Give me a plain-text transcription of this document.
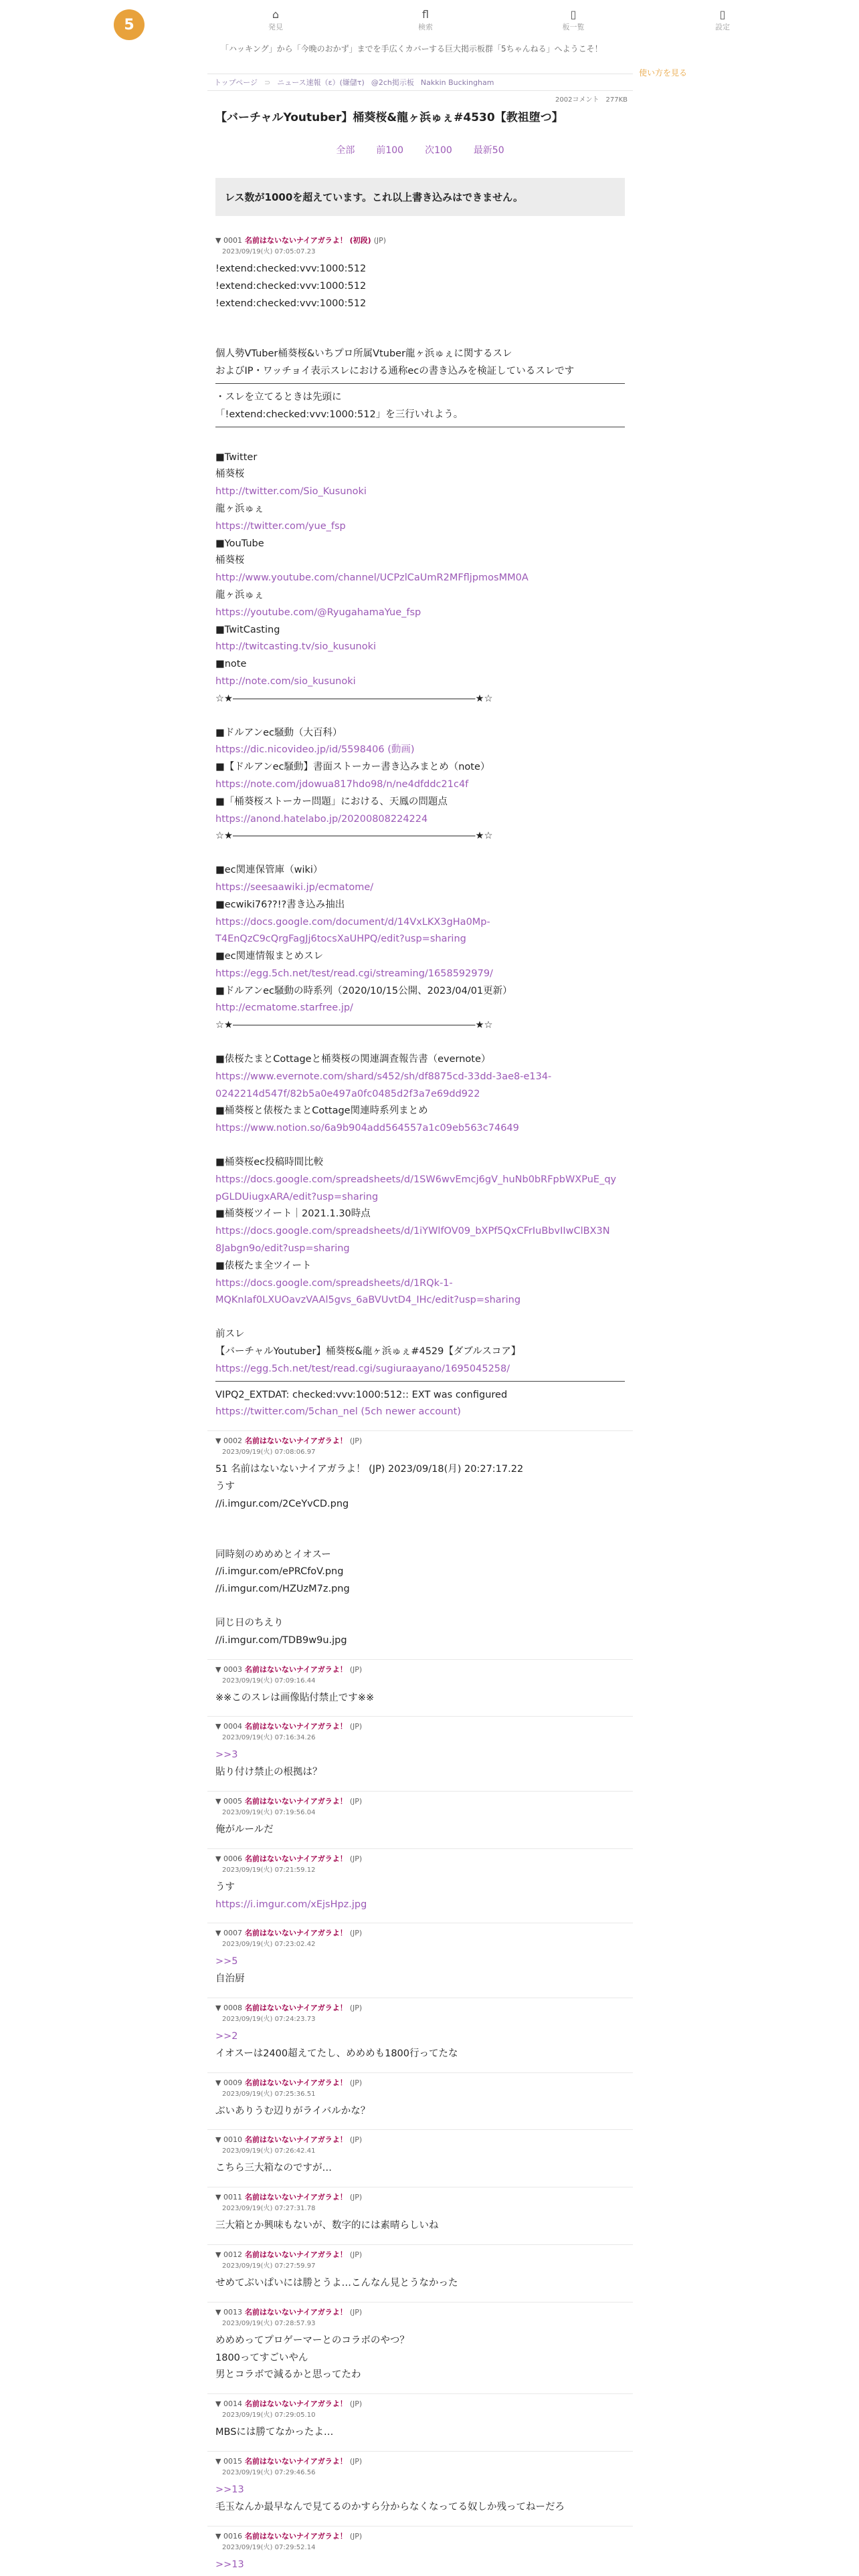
5
⌂
発見
fl
検索
▯
板一覧
▯
設定
「ハッキング」から「今晩のおかず」までを手広くカバーする巨大掲示板群「5ちゃんねる」へようこそ！
使い方を見る
トップページ ⊃ ニュース速報（ε）(嫌儲τ) @2ch掲示板 Nakkin Buckingham
2002コメント　277KB
【バーチャルYoutuber】桶葵桜&龍ヶ浜ゅぇ#4530【教祖堕つ】
全部 前100 次100 最新50
レス数が1000を超えています。これ以上書き込みはできません。
▼ 0001 名前はないないナイアガラよ！ (初段) (JP)
2023/09/19(火) 07:05:07.23
!extend:checked:vvv:1000:512
!extend:checked:vvv:1000:512
!extend:checked:vvv:1000:512
個人勢VTuber桶葵桜&いちプロ所属Vtuber龍ヶ浜ゅぇに関するスレ
およびIP・ワッチョイ表示スレにおける通称ecの書き込みを検証しているスレです
・スレを立てるときは先頭に
「!extend:checked:vvv:1000:512」を三行いれよう。
■Twitter
桶葵桜
http://twitter.com/Sio_Kusunoki
龍ヶ浜ゅぇ
https://twitter.com/yue_fsp
■YouTube
桶葵桜
http://www.youtube.com/channel/UCPzlCaUmR2MFfljpmosMM0A
龍ヶ浜ゅぇ
https://youtube.com/@RyugahamaYue_fsp
■TwitCasting
http://twitcasting.tv/sio_kusunoki
■note
http://note.com/sio_kusunoki
☆★―――――――――――――――――――――――――★☆
■ドルアンec騒動（大百科）
https://dic.nicovideo.jp/id/5598406 (動画)
■【ドルアンec騒動】書面ストーカー書き込みまとめ（note）
https://note.com/jdowua817hdo98/n/ne4dfddc21c4f
■「桶葵桜ストーカー問題」における、天鳳の問題点
https://anond.hatelabo.jp/20200808224224
☆★―――――――――――――――――――――――――★☆
■ec関連保管庫（wiki）
https://seesaawiki.jp/ecmatome/
■ecwiki76??!?書き込み抽出
https://docs.google.com/document/d/14VxLKX3gHa0Mp-
T4EnQzC9cQrgFagJj6tocsXaUHPQ/edit?usp=sharing
■ec関連情報まとめスレ
https://egg.5ch.net/test/read.cgi/streaming/1658592979/
■ドルアンec騒動の時系列（2020/10/15公開、2023/04/01更新）
http://ecmatome.starfree.jp/
☆★―――――――――――――――――――――――――★☆
■俵桜たまとCottageと桶葵桜の関連調査報告書（evernote）
https://www.evernote.com/shard/s452/sh/df8875cd-33dd-3ae8-e134-
0242214d547f/82b5a0e497a0fc0485d2f3a7e69dd922
■桶葵桜と俵桜たまとCottage関連時系列まとめ
https://www.notion.so/6a9b904add564557a1c09eb563c74649
■桶葵桜ec投稿時間比較
https://docs.google.com/spreadsheets/d/1SW6wvEmcj6gV_huNb0bRFpbWXPuE_qy
pGLDUiugxARA/edit?usp=sharing
■桶葵桜ツイート｜2021.1.30時点
https://docs.google.com/spreadsheets/d/1iYWlfOV09_bXPf5QxCFrIuBbvIIwClBX3N
8Jabgn9o/edit?usp=sharing
■俵桜たま全ツイート
https://docs.google.com/spreadsheets/d/1RQk-1-
MQKnIaf0LXUOavzVAAl5gvs_6aBVUvtD4_IHc/edit?usp=sharing
前スレ
【バーチャルYoutuber】桶葵桜&龍ヶ浜ゅぇ#4529【ダブルスコア】
https://egg.5ch.net/test/read.cgi/sugiuraayano/1695045258/
VIPQ2_EXTDAT: checked:vvv:1000:512:: EXT was configured
https://twitter.com/5chan_nel (5ch newer account)
▼ 0002 名前はないないナイアガラよ！ (JP)
2023/09/19(火) 07:08:06.97
51 名前はないないナイアガラよ！ (JP) 2023/09/18(月) 20:27:17.22
うす
//i.imgur.com/2CeYvCD.png
同時刻のめめめとイオスー
//i.imgur.com/ePRCfoV.png
//i.imgur.com/HZUzM7z.png
同じ日のちえり
//i.imgur.com/TDB9w9u.jpg
▼ 0003 名前はないないナイアガラよ！ (JP)
2023/09/19(火) 07:09:16.44
※※このスレは画像貼付禁止です※※
▼ 0004 名前はないないナイアガラよ！ (JP)
2023/09/19(火) 07:16:34.26
>>3
貼り付け禁止の根拠は？
▼ 0005 名前はないないナイアガラよ！ (JP)
2023/09/19(火) 07:19:56.04
俺がルールだ
▼ 0006 名前はないないナイアガラよ！ (JP)
2023/09/19(火) 07:21:59.12
うす
https://i.imgur.com/xEjsHpz.jpg
▼ 0007 名前はないないナイアガラよ！ (JP)
2023/09/19(火) 07:23:02.42
>>5
自治厨
▼ 0008 名前はないないナイアガラよ！ (JP)
2023/09/19(火) 07:24:23.73
>>2
イオスーは2400超えてたし、めめめも1800行ってたな
▼ 0009 名前はないないナイアガラよ！ (JP)
2023/09/19(火) 07:25:36.51
ぶいありうむ辺りがライバルかな？
▼ 0010 名前はないないナイアガラよ！ (JP)
2023/09/19(火) 07:26:42.41
こちら三大箱なのですが…
▼ 0011 名前はないないナイアガラよ！ (JP)
2023/09/19(火) 07:27:31.78
三大箱とか興味もないが、数字的には素晴らしいね
▼ 0012 名前はないないナイアガラよ！ (JP)
2023/09/19(火) 07:27:59.97
せめてぶいぱいには勝とうよ…こんなん見とうなかった
▼ 0013 名前はないないナイアガラよ！ (JP)
2023/09/19(火) 07:28:57.93
めめめってプロゲーマーとのコラボのやつ？
1800ってすごいやん
男とコラボで減るかと思ってたわ
▼ 0014 名前はないないナイアガラよ！ (JP)
2023/09/19(火) 07:29:05.10
MBSには勝てなかったよ…
▼ 0015 名前はないないナイアガラよ！ (JP)
2023/09/19(火) 07:29:46.56
>>13
毛玉なんか最早なんで見てるのかすら分からなくなってる奴しか残ってねーだろ
▼ 0016 名前はないないナイアガラよ！ (JP)
2023/09/19(火) 07:29:52.14
>>13
